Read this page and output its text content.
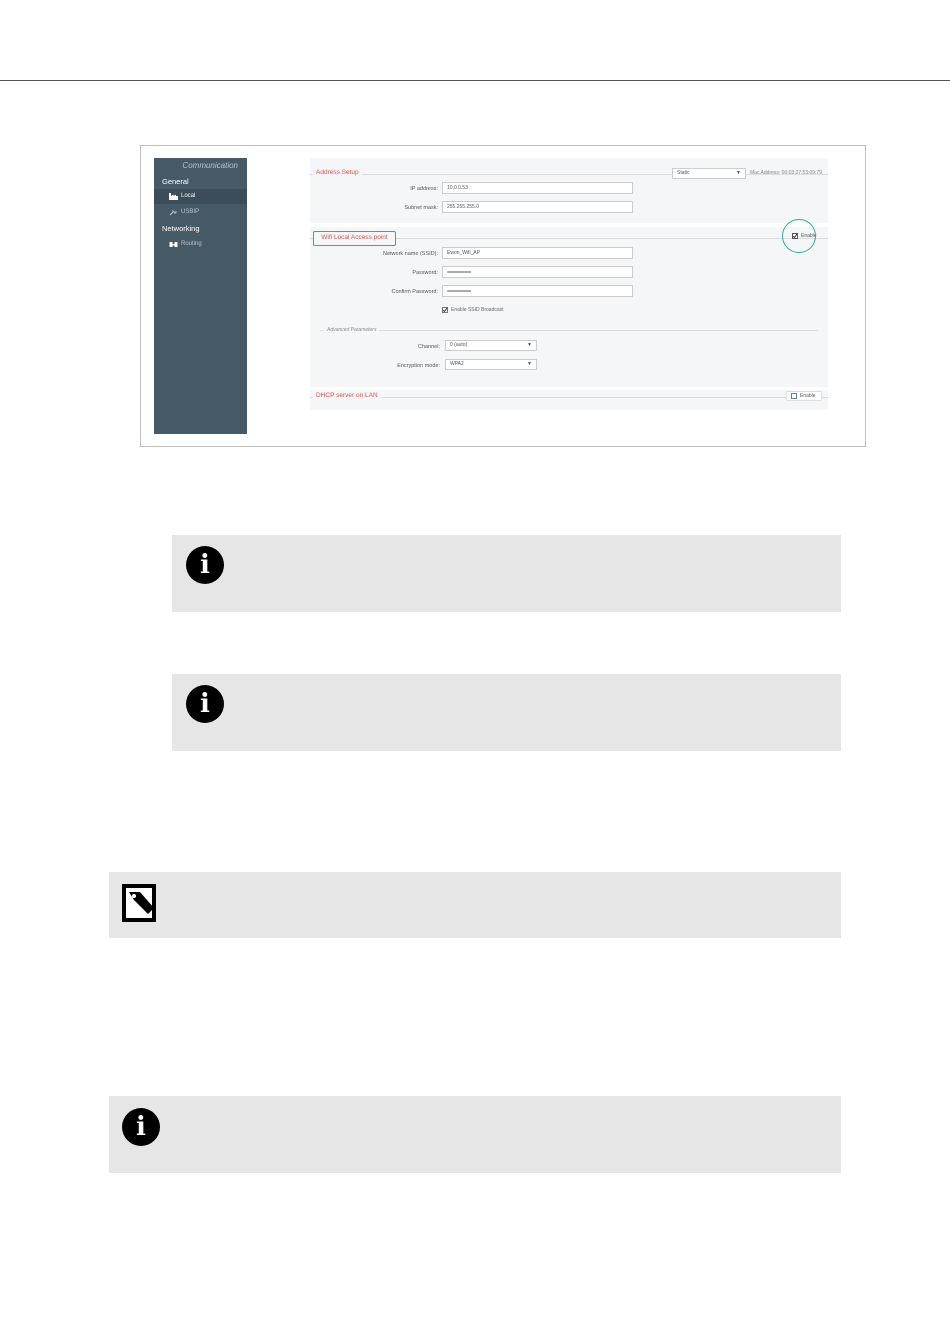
Communication
General
Local
USBIP
Networking
Routing
Address Setup	Static	▼ Mac Address: 00:03:27:53:09:79
IP address:	10.0.0.53
Subnet mask:	255.255.255.0
Enable
Network name (SSID):	Ewon_Wifi_AP
Password:	••••••••••••••••••••••••••••••••••••••••••••••••••••••••••
Confirm Password:	••••••••••••••••••••••••••••••••••••••••••••••••••••••••••
Enable SSID Broadcast
Advanced Parameters
Channel:	0 (auto)	▼
Encryption mode:	WPA2	▼
DHCP server on LAN	Enable
Wifi Local Access point
i
i
i
